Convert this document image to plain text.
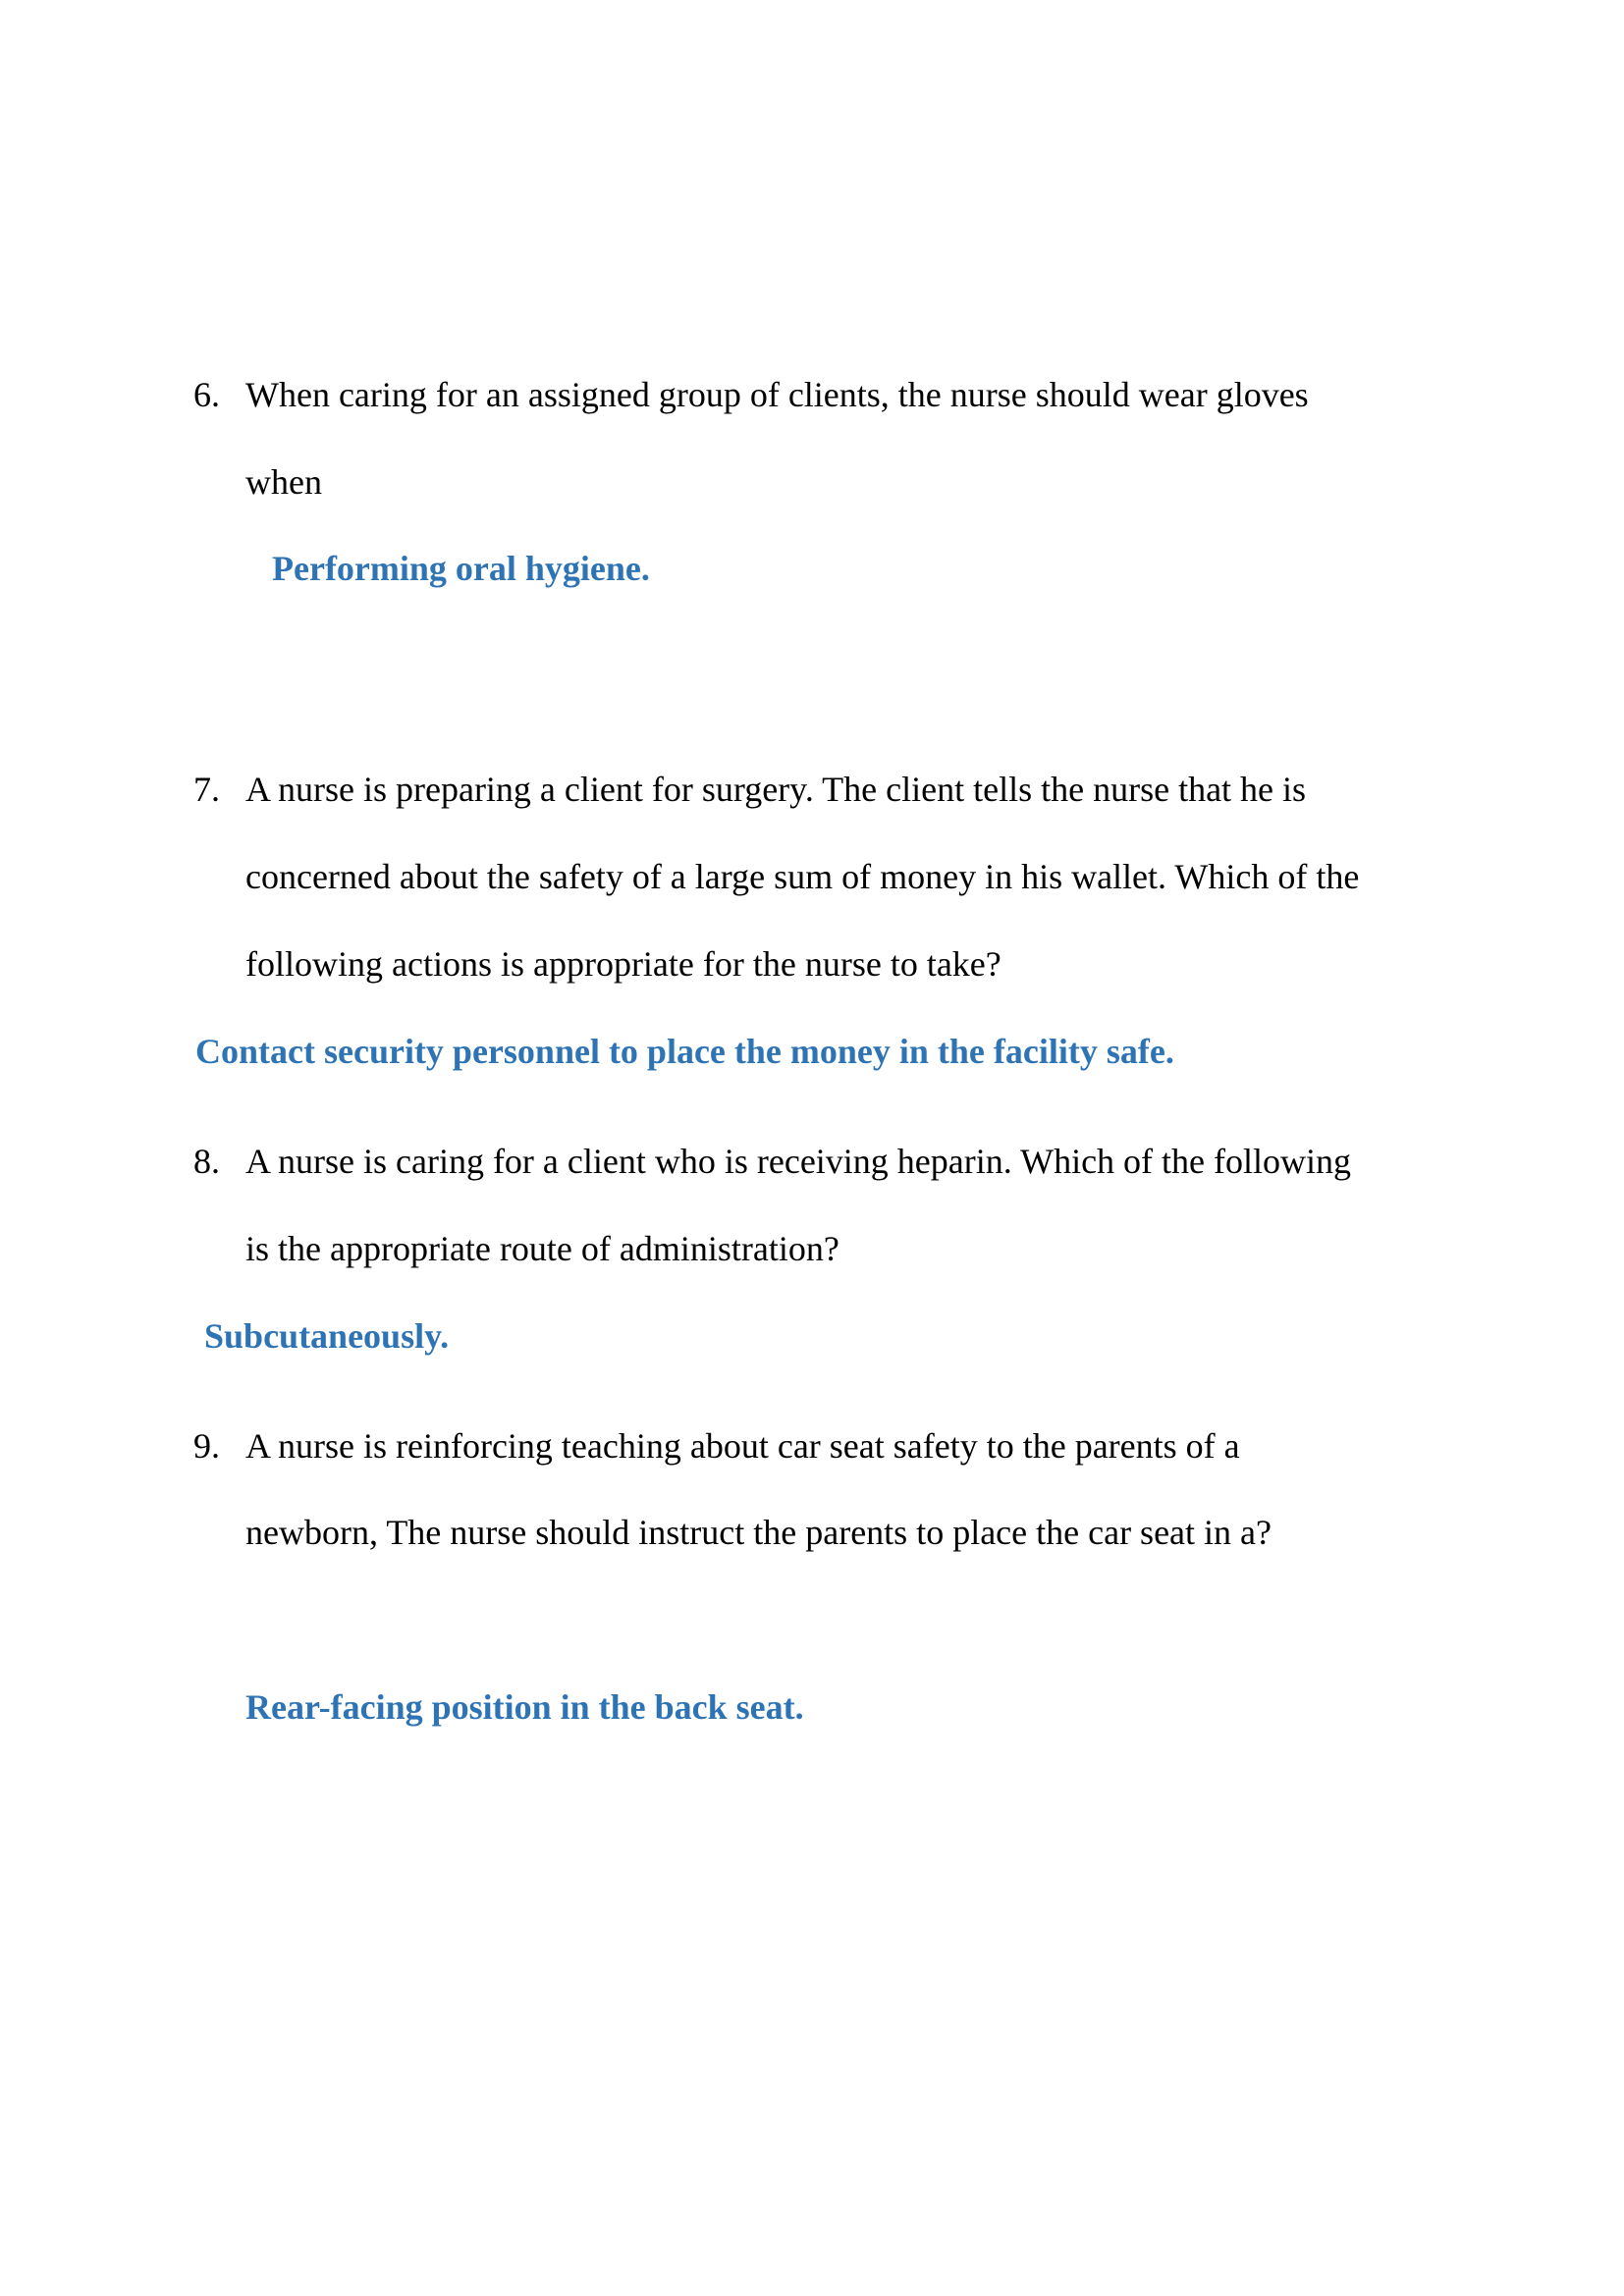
6. When caring for an assigned group of clients, the nurse should wear gloves
when
Performing oral hygiene.
7. A nurse is preparing a client for surgery. The client tells the nurse that he is
concerned about the safety of a large sum of money in his wallet. Which of the
following actions is appropriate for the nurse to take?
Contact security personnel to place the money in the facility safe.
8. A nurse is caring for a client who is receiving heparin. Which of the following
is the appropriate route of administration?
Subcutaneously.
9. A nurse is reinforcing teaching about car seat safety to the parents of a
newborn, The nurse should instruct the parents to place the car seat in a?
Rear-facing position in the back seat.
